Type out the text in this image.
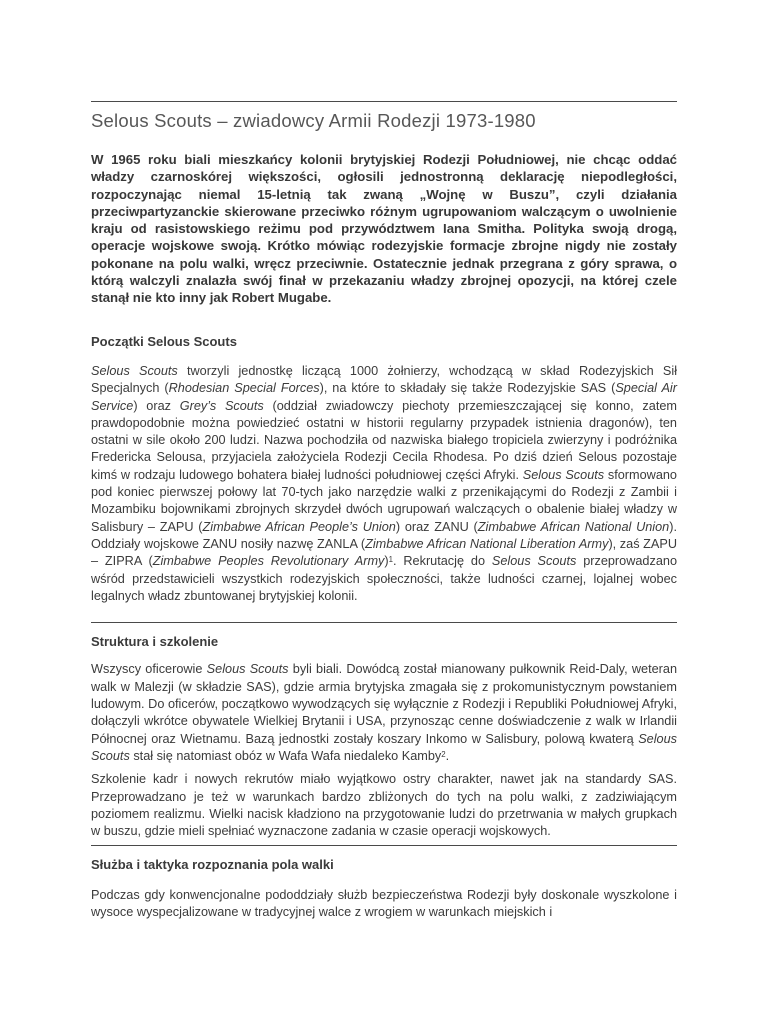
Selous Scouts – zwiadowcy Armii Rodezji 1973-1980

W 1965 roku biali mieszkańcy kolonii brytyjskiej Rodezji Południowej, nie chcąc oddać władzy czarnoskórej większości, ogłosili jednostronną deklarację niepodległości, rozpoczynając niemal 15-letnią tak zwaną „Wojnę w Buszu”, czyli działania przeciwpartyzanckie skierowane przeciwko różnym ugrupowaniom walczącym o uwolnienie kraju od rasistowskiego reżimu pod przywództwem Iana Smitha. Polityka swoją drogą, operacje wojskowe swoją. Krótko mówiąc rodezyjskie formacje zbrojne nigdy nie zostały pokonane na polu walki, wręcz przeciwnie. Ostatecznie jednak przegrana z góry sprawa, o którą walczyli znalazła swój finał w przekazaniu władzy zbrojnej opozycji, na której czele stanął nie kto inny jak Robert Mugabe.

Początki Selous Scouts

Selous Scouts tworzyli jednostkę liczącą 1000 żołnierzy, wchodzącą w skład Rodezyjskich Sił Specjalnych (Rhodesian Special Forces), na które to składały się także Rodezyjskie SAS (Special Air Service) oraz Grey’s Scouts (oddział zwiadowczy piechoty przemieszczającej się konno, zatem prawdopodobnie można powiedzieć ostatni w historii regularny przypadek istnienia dragonów), ten ostatni w sile około 200 ludzi. Nazwa pochodziła od nazwiska białego tropiciela zwierzyny i podróżnika Fredericka Selousa, przyjaciela założyciela Rodezji Cecila Rhodesa. Po dziś dzień Selous pozostaje kimś w rodzaju ludowego bohatera białej ludności południowej części Afryki. Selous Scouts sformowano pod koniec pierwszej połowy lat 70-tych jako narzędzie walki z przenikającymi do Rodezji z Zambii i Mozambiku bojownikami zbrojnych skrzydeł dwóch ugrupowań walczących o obalenie białej władzy w Salisbury – ZAPU (Zimbabwe African People’s Union) oraz ZANU (Zimbabwe African National Union). Oddziały wojskowe ZANU nosiły nazwę ZANLA (Zimbabwe African National Liberation Army), zaś ZAPU – ZIPRA (Zimbabwe Peoples Revolutionary Army)$^1$. Rekrutację do Selous Scouts przeprowadzano wśród przedstawicieli wszystkich rodezyjskich społeczności, także ludności czarnej, lojalnej wobec legalnych władz zbuntowanej brytyjskiej kolonii.

Struktura i szkolenie

Wszyscy oficerowie Selous Scouts byli biali. Dowódcą został mianowany pułkownik Reid-Daly, weteran walk w Malezji (w składzie SAS), gdzie armia brytyjska zmagała się z prokomunistycznym powstaniem ludowym. Do oficerów, początkowo wywodzących się wyłącznie z Rodezji i Republiki Południowej Afryki, dołączyli wkrótce obywatele Wielkiej Brytanii i USA, przynosząc cenne doświadczenie z walk w Irlandii Północnej oraz Wietnamu. Bazą jednostki zostały koszary Inkomo w Salisbury, polową kwaterą Selous Scouts stał się natomiast obóz w Wafa Wafa niedaleko Kamby$^2$.

Szkolenie kadr i nowych rekrutów miało wyjątkowo ostry charakter, nawet jak na standardy SAS. Przeprowadzano je też w warunkach bardzo zbliżonych do tych na polu walki, z zadziwiającym poziomem realizmu. Wielki nacisk kładziono na przygotowanie ludzi do przetrwania w małych grupkach w buszu, gdzie mieli spełniać wyznaczone zadania w czasie operacji wojskowych.

Służba i taktyka rozpoznania pola walki

Podczas gdy konwencjonalne pododdziały służb bezpieczeństwa Rodezji były doskonale wyszkolone i wysoce wyspecjalizowane w tradycyjnej walce z wrogiem w warunkach miejskich i
